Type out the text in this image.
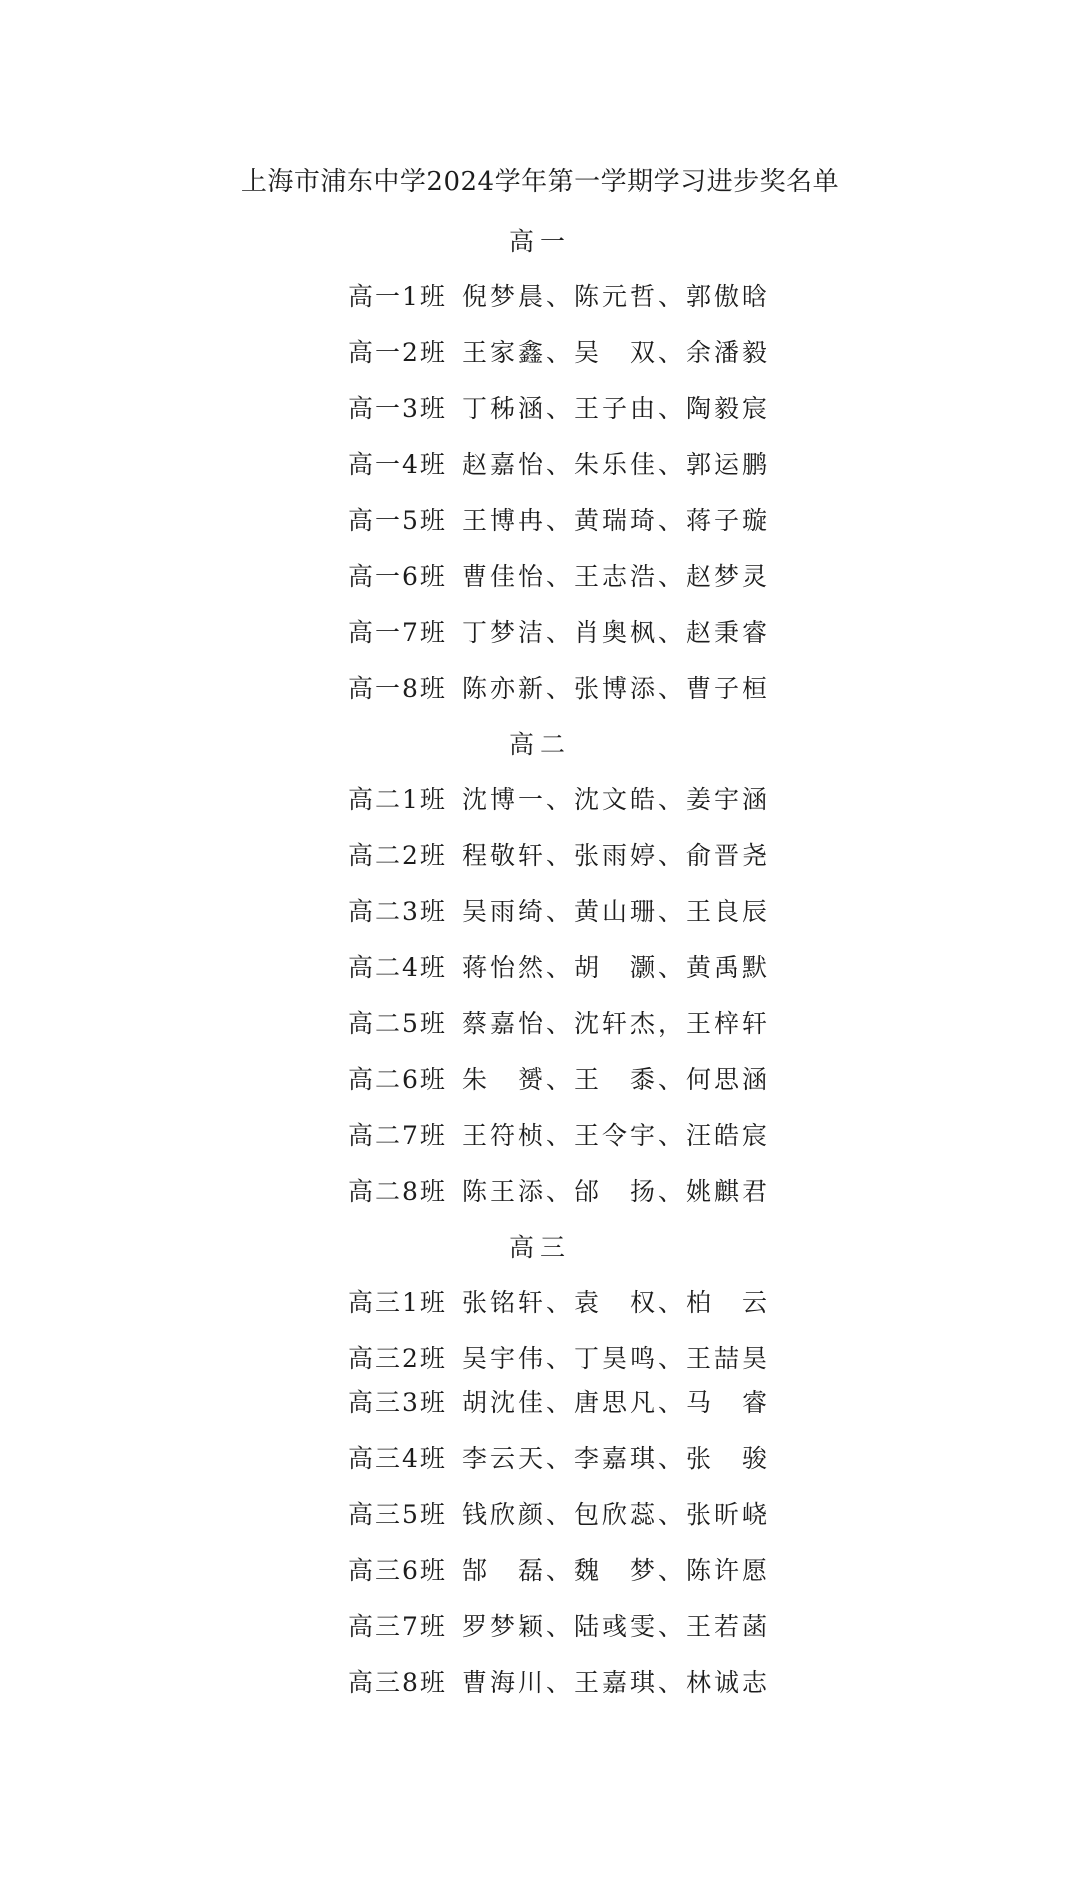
上海市浦东中学2024学年第一学期学习进步奖名单
高一
高一1班 倪梦晨、陈元哲、郭傲晗
高一2班 王家鑫、吴　双、余潘毅
高一3班 丁秭涵、王子由、陶毅宸
高一4班 赵嘉怡、朱乐佳、郭运鹏
高一5班 王博冉、黄瑞琦、蒋子璇
高一6班 曹佳怡、王志浩、赵梦灵
高一7班 丁梦洁、肖奥枫、赵秉睿
高一8班 陈亦新、张博添、曹子桓
高二
高二1班 沈博一、沈文皓、姜宇涵
高二2班 程敬轩、张雨婷、俞晋尧
高二3班 吴雨绮、黄山珊、王良辰
高二4班 蒋怡然、胡　灏、黄禹默
高二5班 蔡嘉怡、沈轩杰，王梓轩
高二6班 朱　赟、王　黍、何思涵
高二7班 王符桢、王令宇、汪皓宸
高二8班 陈王添、邰　扬、姚麒君
高三
高三1班 张铭轩、袁　权、柏　云
高三2班 吴宇伟、丁昊鸣、王喆昊
高三3班 胡沈佳、唐思凡、马　睿
高三4班 李云天、李嘉琪、张　骏
高三5班 钱欣颜、包欣蕊、张昕峣
高三6班 郜　磊、魏　梦、陈许愿
高三7班 罗梦颖、陆彧雯、王若菡
高三8班 曹海川、王嘉琪、林诚志
